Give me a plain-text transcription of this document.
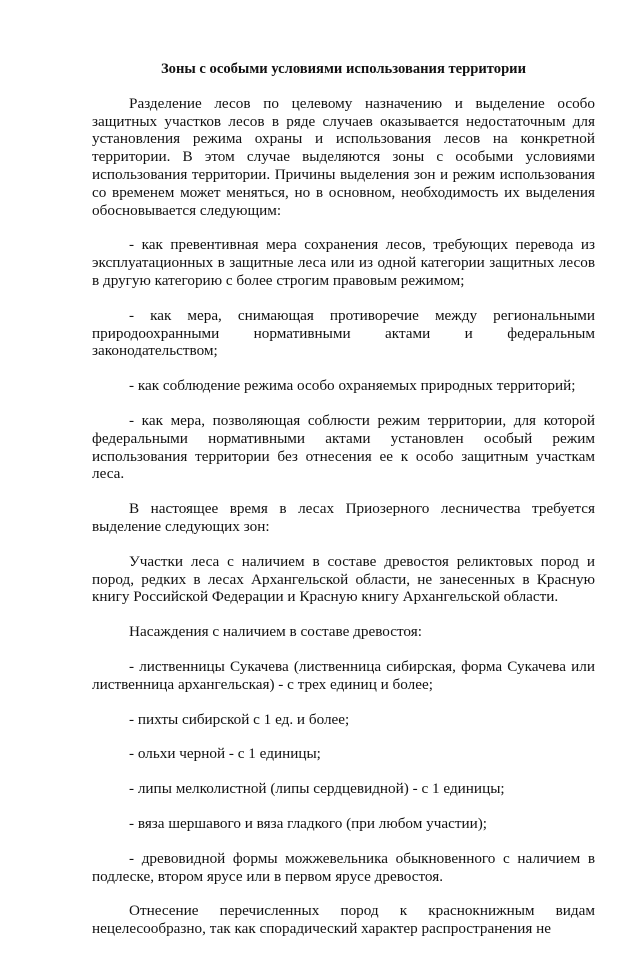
Зоны с особыми условиями использования территории

Разделение лесов по целевому назначению и выделение особо защитных участков лесов в ряде случаев оказывается недостаточным для установления режима охраны и использования лесов на конкретной территории. В этом случае выделяются зоны с особыми условиями использования территории. Причины выделения зон и режим использования со временем может меняться, но в основном, необходимость их выделения обосновывается следующим:

- как превентивная мера сохранения лесов, требующих перевода из эксплуатационных в защитные леса или из одной категории защитных лесов в другую категорию с более строгим правовым режимом;

- как мера, снимающая противоречие между региональными природоохранными нормативными актами и федеральным законодательством;

- как соблюдение режима особо охраняемых природных территорий;

- как мера, позволяющая соблюсти режим территории, для которой федеральными нормативными актами установлен особый режим использования территории без отнесения ее к особо защитным участкам леса.

В настоящее время в лесах Приозерного лесничества требуется выделение следующих зон:

Участки леса с наличием в составе древостоя реликтовых пород и пород, редких в лесах Архангельской области, не занесенных в Красную книгу Российской Федерации и Красную книгу Архангельской области.

Насаждения с наличием в составе древостоя:

- лиственницы Сукачева (лиственница сибирская, форма Сукачева или лиственница архангельская) - с трех единиц и более;

- пихты сибирской с 1 ед. и более;

- ольхи черной - с 1 единицы;

- липы мелколистной (липы сердцевидной) - с 1 единицы;

- вяза шершавого и вяза гладкого (при любом участии);

- древовидной формы можжевельника обыкновенного с наличием в подлеске, втором ярусе или в первом ярусе древостоя.

Отнесение перечисленных пород к краснокнижным видам нецелесообразно, так как спорадический характер распространения не
